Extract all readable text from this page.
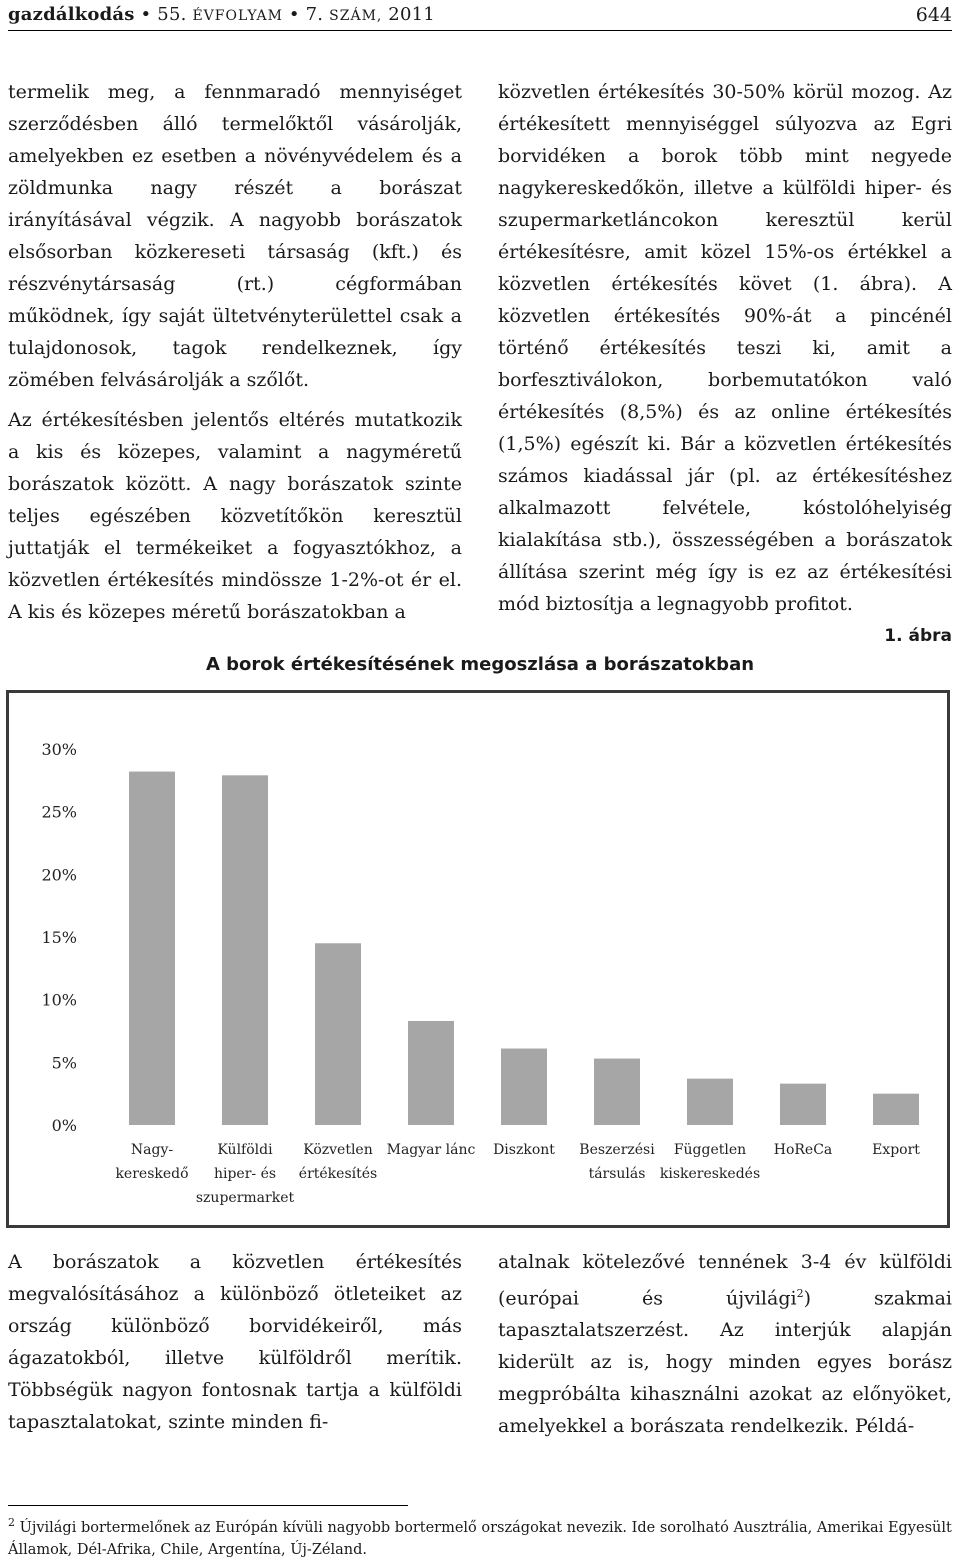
gazdálkodás • 55. ÉVFOLYAM • 7. SZÁM, 2011	644

termelik meg, a fennmaradó mennyiséget szerződésben álló termelőktől vásárolják, amelyekben ez esetben a növényvédelem és a zöldmunka nagy részét a borászat irányításával végzik. A nagyobb borászatok elsősorban közkereseti társaság (kft.) és részvénytársaság (rt.) cégformában működnek, így saját ültetvényterülettel csak a tulajdonosok, tagok rendelkeznek, így zömében felvásárolják a szőlőt.

Az értékesítésben jelentős eltérés mutatkozik a kis és közepes, valamint a nagyméretű borászatok között. A nagy borászatok szinte teljes egészében közvetítőkön keresztül juttatják el termékeiket a fogyasztókhoz, a közvetlen értékesítés mindössze 1-2%-ot ér el. A kis és közepes méretű borászatokban a

közvetlen értékesítés 30-50% körül mozog. Az értékesített mennyiséggel súlyozva az Egri borvidéken a borok több mint negyede nagykereskedőkön, illetve a külföldi hiper- és szupermarketláncokon keresztül kerül értékesítésre, amit közel 15%-os értékkel a közvetlen értékesítés követ (1. ábra). A közvetlen értékesítés 90%-át a pincénél történő értékesítés teszi ki, amit a borfesztiválokon, borbemutatókon való értékesítés (8,5%) és az online értékesítés (1,5%) egészít ki. Bár a közvetlen értékesítés számos kiadással jár (pl. az értékesítéshez alkalmazott felvétele, kóstolóhelyiség kialakítása stb.), összességében a borászatok állítása szerint még így is ez az értékesítési mód biztosítja a legnagyobb profitot.

1. ábra
A borok értékesítésének megoszlása a borászatokban
30%
25%
20%
15%
10%
5%
0%
Nagy-kereskedő
Külföldi hiper- és szupermarket
Közvetlen értékesítés
Magyar lánc Diszkont Beszerzési társulás
Független kiskereskedés
HoReCa	Export

A borászatok a közvetlen értékesítés megvalósításához a különböző ötleteiket az ország különböző borvidékeiről, más ágazatokból, illetve külföldről merítik. Többségük nagyon fontosnak tartja a külföldi tapasztalatokat, szinte minden fi-

atalnak kötelezővé tennének 3-4 év külföldi (európai és újvilági$^2$) szakmai tapasztalatszerzést. Az interjúk alapján kiderült az is, hogy minden egyes borász megpróbálta kihasználni azokat az előnyöket, amelyekkel a borászata rendelkezik. Példá-

$^2$ Újvilági bortermelőnek az Európán kívüli nagyobb bortermelő országokat nevezik. Ide sorolható Ausztrália, Amerikai Egyesült Államok, Dél-Afrika, Chile, Argentína, Új-Zéland.
